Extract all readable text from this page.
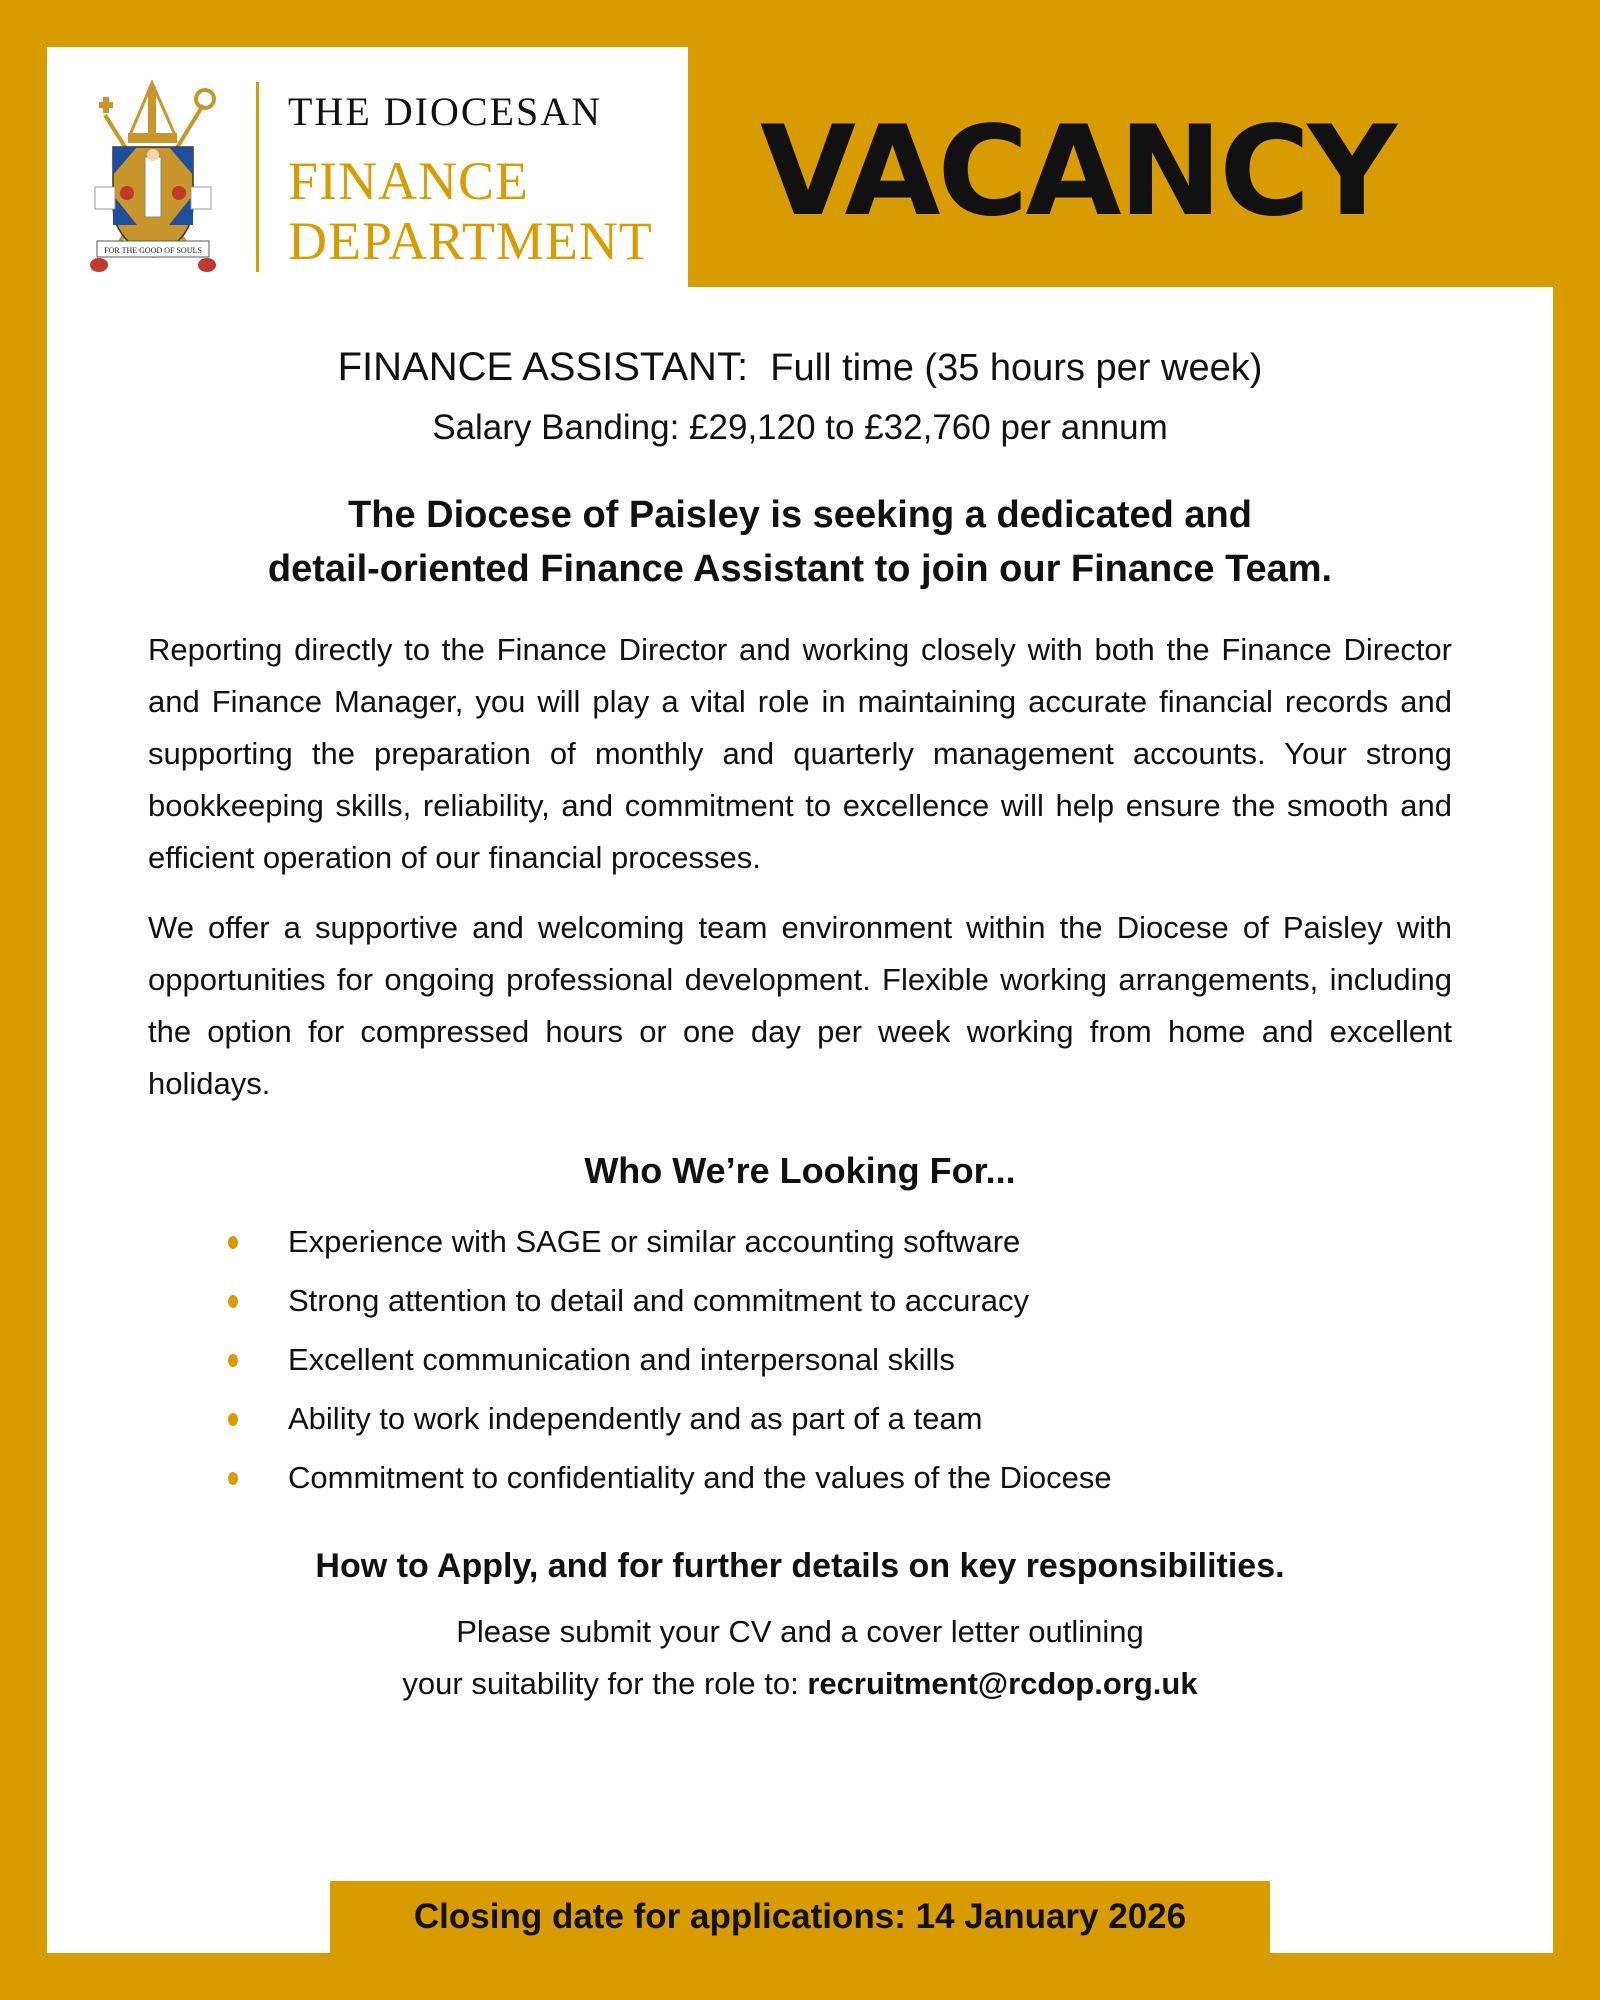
FOR THE GOOD OF SOULS
THE DIOCESAN
FINANCE
DEPARTMENT VACANCY

FINANCE ASSISTANT: Full time (35 hours per week)

Salary Banding: £29,120 to £32,760 per annum

The Diocese of Paisley is seeking a dedicated and
detail-oriented Finance Assistant to join our Finance Team.

Reporting directly to the Finance Director and working closely with both the Finance Director and Finance Manager, you will play a vital role in maintaining accurate financial records and supporting the preparation of monthly and quarterly management accounts. Your strong bookkeeping skills, reliability, and commitment to excellence will help ensure the smooth and efficient operation of our financial processes.

We offer a supportive and welcoming team environment within the Diocese of Paisley with opportunities for ongoing professional development. Flexible working arrangements, including the option for compressed hours or one day per week working from home and excellent holidays.

Who We’re Looking For...
Experience with SAGE or similar accounting software
Strong attention to detail and commitment to accuracy
Excellent communication and interpersonal skills
Ability to work independently and as part of a team
Commitment to confidentiality and the values of the Diocese
How to Apply, and for further details on key responsibilities.

Please submit your CV and a cover letter outlining
your suitability for the role to: recruitment@rcdop.org.uk

Closing date for applications: 14 January 2026
